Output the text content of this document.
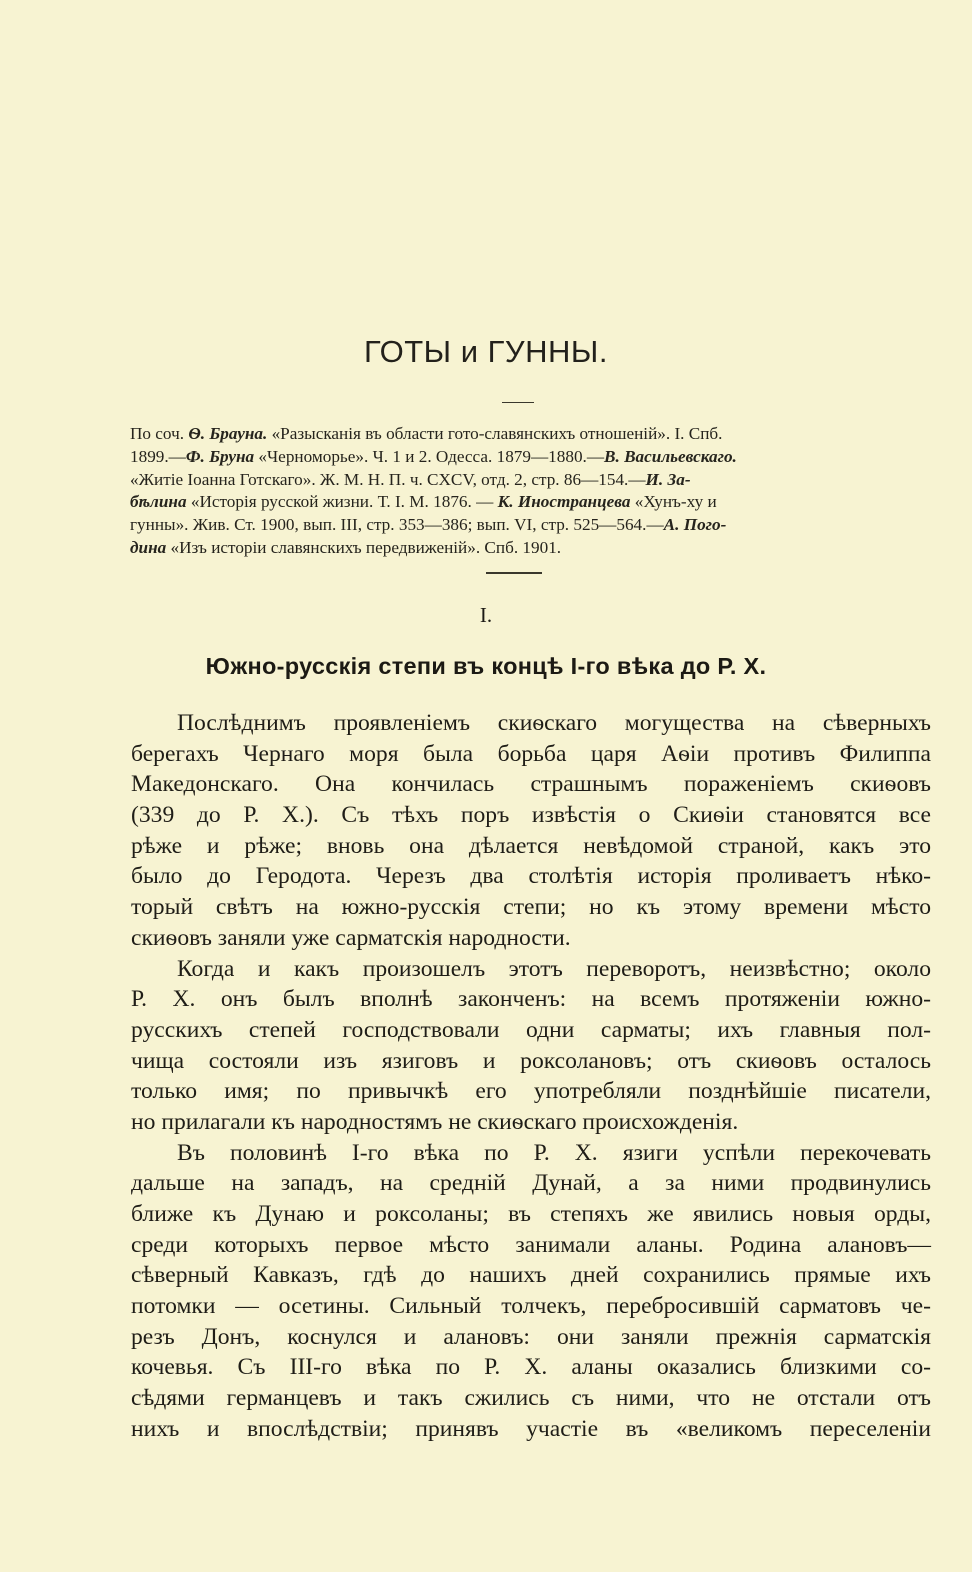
ГОТЫ и ГУННЫ.
По соч. Ѳ. Брауна. «Разысканія въ области гото-славянскихъ отношеній». I. Спб.
1899.—Ф. Бруна «Черноморье». Ч. 1 и 2. Одесса. 1879—1880.—В. Васильевскаго.
«Житіе Іоанна Готскаго». Ж. М. Н. П. ч. CXCV, отд. 2, стр. 86—154.—И. За-
бѣлина «Исторія русской жизни. Т. I. М. 1876. — К. Иностранцева «Хунъ-ху и
гунны». Жив. Ст. 1900, вып. III, стр. 353—386; вып. VI, стр. 525—564.—А. Пого-
дина «Изъ исторіи славянскихъ передвиженій». Спб. 1901.
I.
Южно-русскія степи въ концѣ I-го вѣка до Р. Х.
Послѣднимъ проявленіемъ скиѳскаго могущества на сѣверныхъ
берегахъ Чернаго моря была борьба царя Аѳіи противъ Филиппа
Македонскаго. Она кончилась страшнымъ пораженіемъ скиѳовъ
(339 до Р. Х.). Съ тѣхъ поръ извѣстія о Скиѳіи становятся все
рѣже и рѣже; вновь она дѣлается невѣдомой страной, какъ это
было до Геродота. Черезъ два столѣтія исторія проливаетъ нѣко-
торый свѣтъ на южно-русскія степи; но къ этому времени мѣсто
скиѳовъ заняли уже сарматскія народности.
Когда и какъ произошелъ этотъ переворотъ, неизвѣстно; около
Р. Х. онъ былъ вполнѣ законченъ: на всемъ протяженіи южно-
русскихъ степей господствовали одни сарматы; ихъ главныя пол-
чища состояли изъ язиговъ и роксолановъ; отъ скиѳовъ осталось
только имя; по привычкѣ его употребляли позднѣйшіе писатели,
но прилагали къ народностямъ не скиѳскаго происхожденія.
Въ половинѣ I-го вѣка по Р. Х. язиги успѣли перекочевать
дальше на западъ, на средній Дунай, а за ними продвинулись
ближе къ Дунаю и роксоланы; въ степяхъ же явились новыя орды,
среди которыхъ первое мѣсто занимали аланы. Родина алановъ—
сѣверный Кавказъ, гдѣ до нашихъ дней сохранились прямые ихъ
потомки — осетины. Сильный толчекъ, перебросившій сарматовъ че-
резъ Донъ, коснулся и алановъ: они заняли прежнія сарматскія
кочевья. Съ III-го вѣка по Р. Х. аланы оказались близкими со-
сѣдями германцевъ и такъ сжились съ ними, что не отстали отъ
нихъ и впослѣдствіи; принявъ участіе въ «великомъ переселеніи
